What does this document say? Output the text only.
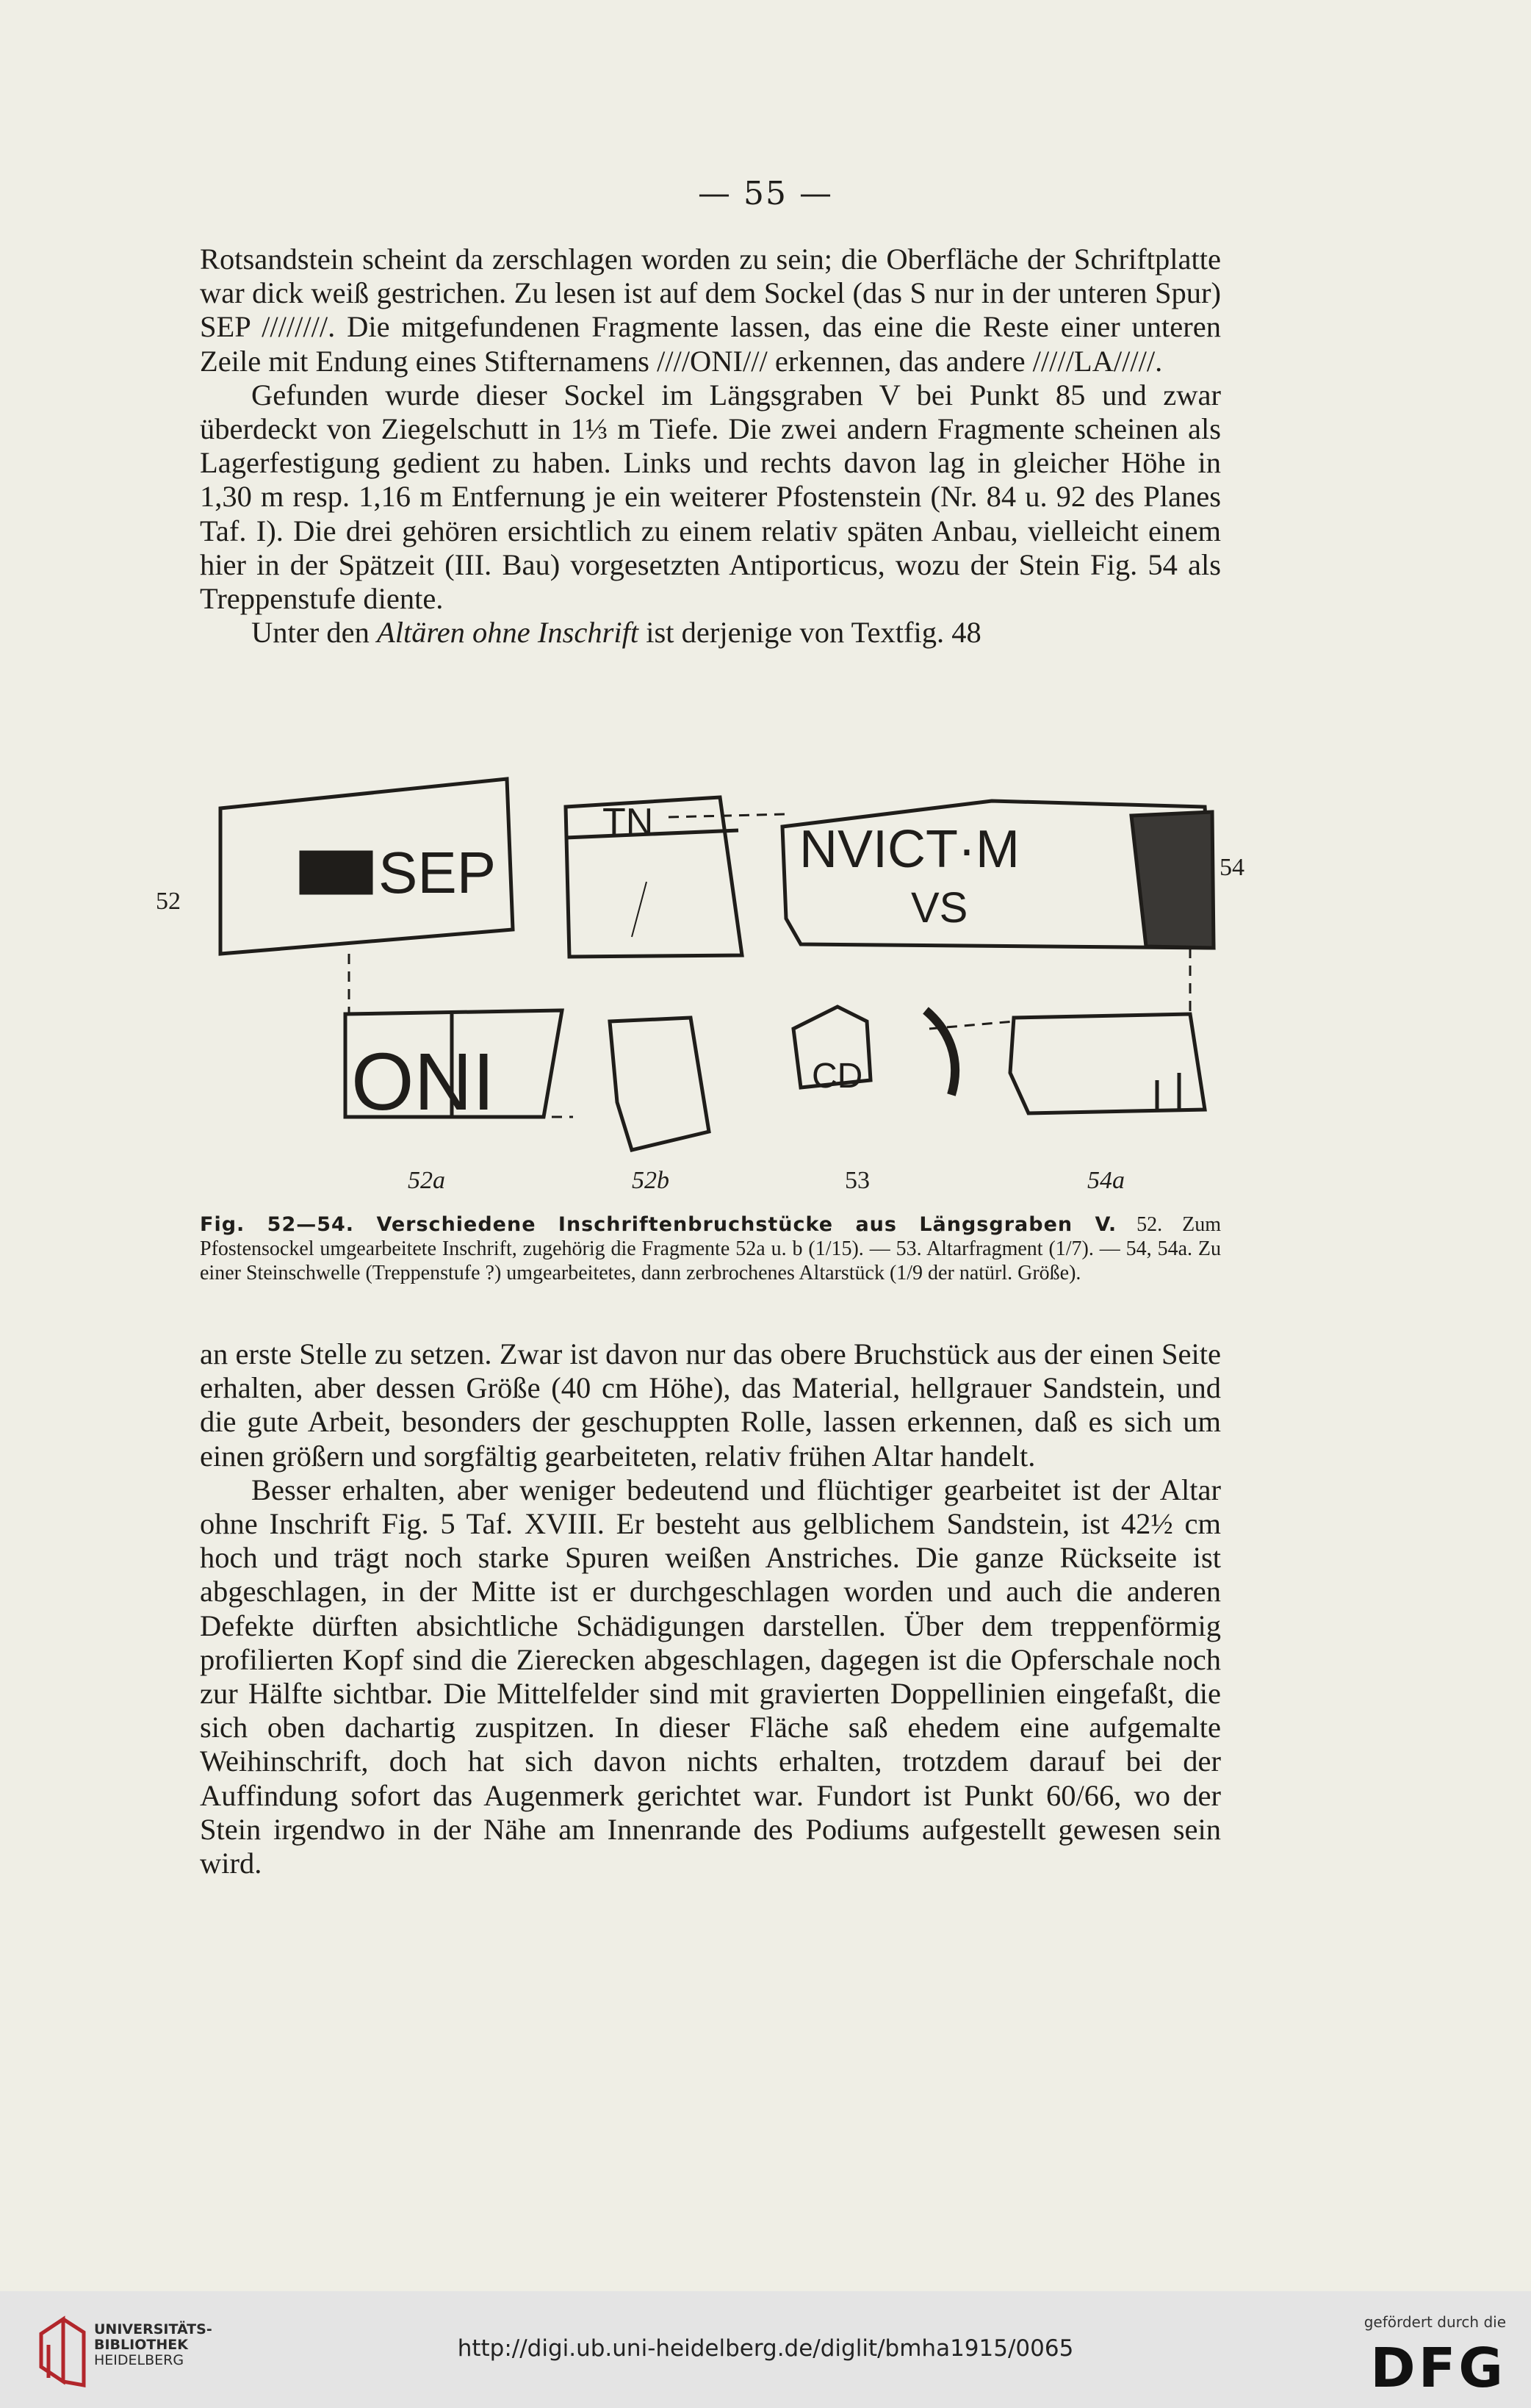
— 55 —

Rotsandstein scheint da zerschlagen worden zu sein; die Oberfläche der Schriftplatte war dick weiß gestrichen. Zu lesen ist auf dem Sockel (das S nur in der unteren Spur) SEP ////////. Die mitgefundenen Fragmente lassen, das eine die Reste einer unteren Zeile mit Endung eines Stifternamens ////ONI/// erkennen, das andere /////LA/////.

Gefunden wurde dieser Sockel im Längsgraben V bei Punkt 85 und zwar überdeckt von Ziegelschutt in 1⅓ m Tiefe. Die zwei andern Fragmente scheinen als Lagerfestigung gedient zu haben. Links und rechts davon lag in gleicher Höhe in 1,30 m resp. 1,16 m Entfernung je ein weiterer Pfostenstein (Nr. 84 u. 92 des Planes Taf. I). Die drei gehören ersichtlich zu einem relativ späten Anbau, vielleicht einem hier in der Spätzeit (III. Bau) vorgesetzten Antiporticus, wozu der Stein Fig. 54 als Treppenstufe diente.

Unter den Altären ohne Inschrift ist derjenige von Textfig. 48

SEP
ONI
TN	NVICT·M
VS
CD
52
54
52a	52b	53	54a
Fig. 52—54. Verschiedene Inschriftenbruchstücke aus Längsgraben V. 52. Zum Pfostensockel umgearbeitete Inschrift, zugehörig die Fragmente 52a u. b (1/15). — 53. Altarfragment (1/7). — 54, 54a. Zu einer Steinschwelle (Treppenstufe ?) umgearbeitetes, dann zerbrochenes Altarstück (1/9 der natürl. Größe).

an erste Stelle zu setzen. Zwar ist davon nur das obere Bruchstück aus der einen Seite erhalten, aber dessen Größe (40 cm Höhe), das Material, hellgrauer Sandstein, und die gute Arbeit, besonders der geschuppten Rolle, lassen erkennen, daß es sich um einen größern und sorgfältig gearbeiteten, relativ frühen Altar handelt.

Besser erhalten, aber weniger bedeutend und flüchtiger gearbeitet ist der Altar ohne Inschrift Fig. 5 Taf. XVIII. Er besteht aus gelblichem Sandstein, ist 42½ cm hoch und trägt noch starke Spuren weißen Anstriches. Die ganze Rückseite ist abgeschlagen, in der Mitte ist er durchgeschlagen worden und auch die anderen Defekte dürften absichtliche Schädigungen darstellen. Über dem treppenförmig profilierten Kopf sind die Zierecken abgeschlagen, dagegen ist die Opferschale noch zur Hälfte sichtbar. Die Mittelfelder sind mit gravierten Doppellinien eingefaßt, die sich oben dachartig zuspitzen. In dieser Fläche saß ehedem eine aufgemalte Weihinschrift, doch hat sich davon nichts erhalten, trotzdem darauf bei der Auffindung sofort das Augenmerk gerichtet war. Fundort ist Punkt 60/66, wo der Stein irgendwo in der Nähe am Innenrande des Podiums aufgestellt gewesen sein wird.

UNIVERSITÄTS-
BIBLIOTHEK
HEIDELBERG	http://digi.ub.uni-heidelberg.de/diglit/bmha1915/0065
gefördert durch die
DFG
